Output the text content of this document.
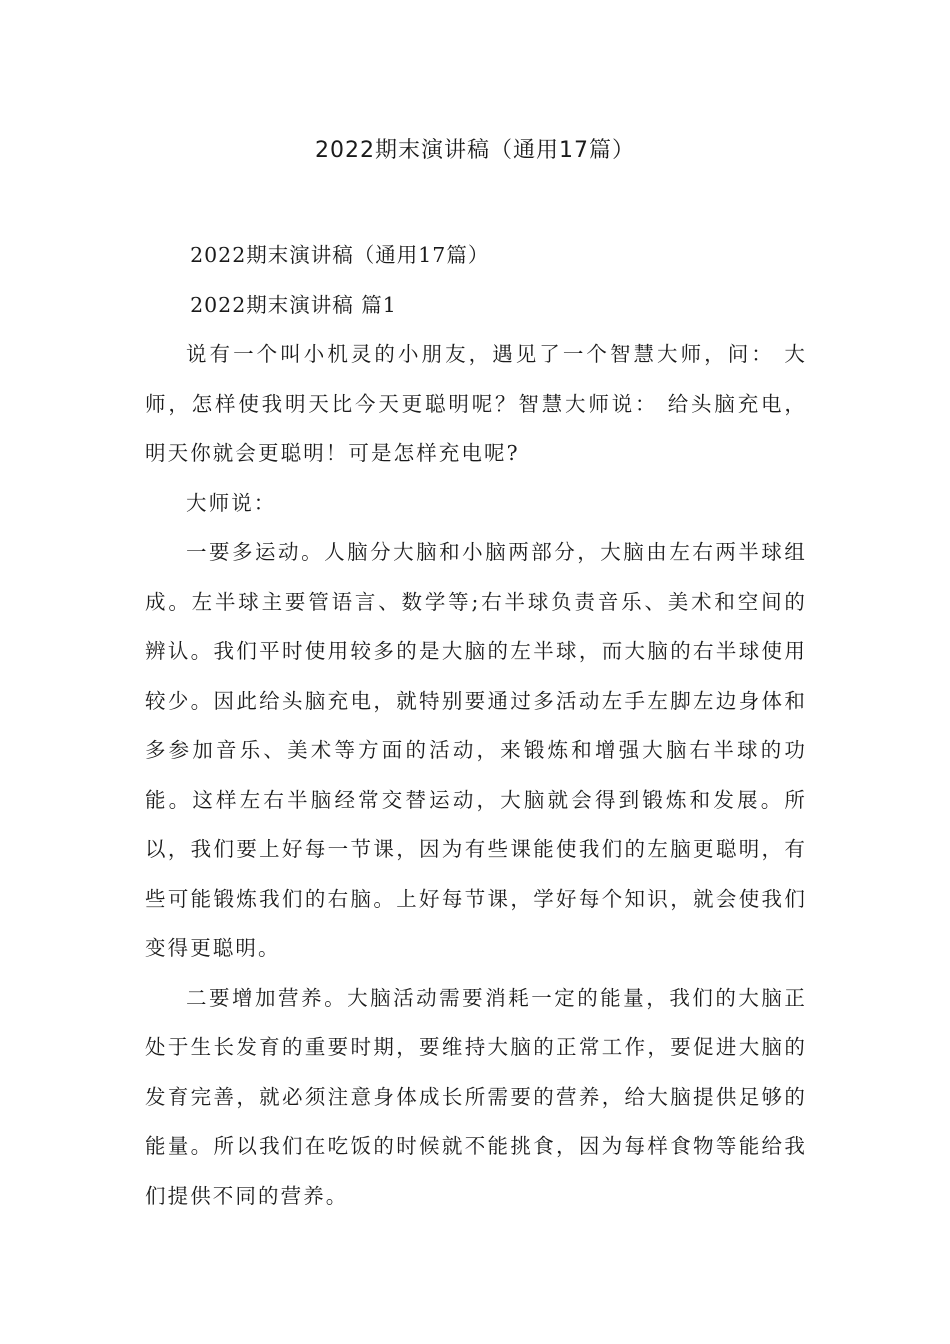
2022期末演讲稿（通用17篇）

2022期末演讲稿（通用17篇）

2022期末演讲稿 篇1

说有一个叫小机灵的小朋友，遇见了一个智慧大师，问： 大师，怎样使我明天比今天更聪明呢？智慧大师说： 给头脑充电，明天你就会更聪明！可是怎样充电呢?

大师说：

一要多运动。人脑分大脑和小脑两部分，大脑由左右两半球组成。左半球主要管语言、数学等;右半球负责音乐、美术和空间的辨认。我们平时使用较多的是大脑的左半球，而大脑的右半球使用较少。因此给头脑充电，就特别要通过多活动左手左脚左边身体和多参加音乐、美术等方面的活动，来锻炼和增强大脑右半球的功能。这样左右半脑经常交替运动，大脑就会得到锻炼和发展。所以，我们要上好每一节课，因为有些课能使我们的左脑更聪明，有些可能锻炼我们的右脑。上好每节课，学好每个知识，就会使我们变得更聪明。

二要增加营养。大脑活动需要消耗一定的能量，我们的大脑正处于生长发育的重要时期，要维持大脑的正常工作，要促进大脑的发育完善，就必须注意身体成长所需要的营养，给大脑提供足够的能量。所以我们在吃饭的时候就不能挑食，因为每样食物等能给我们提供不同的营养。
